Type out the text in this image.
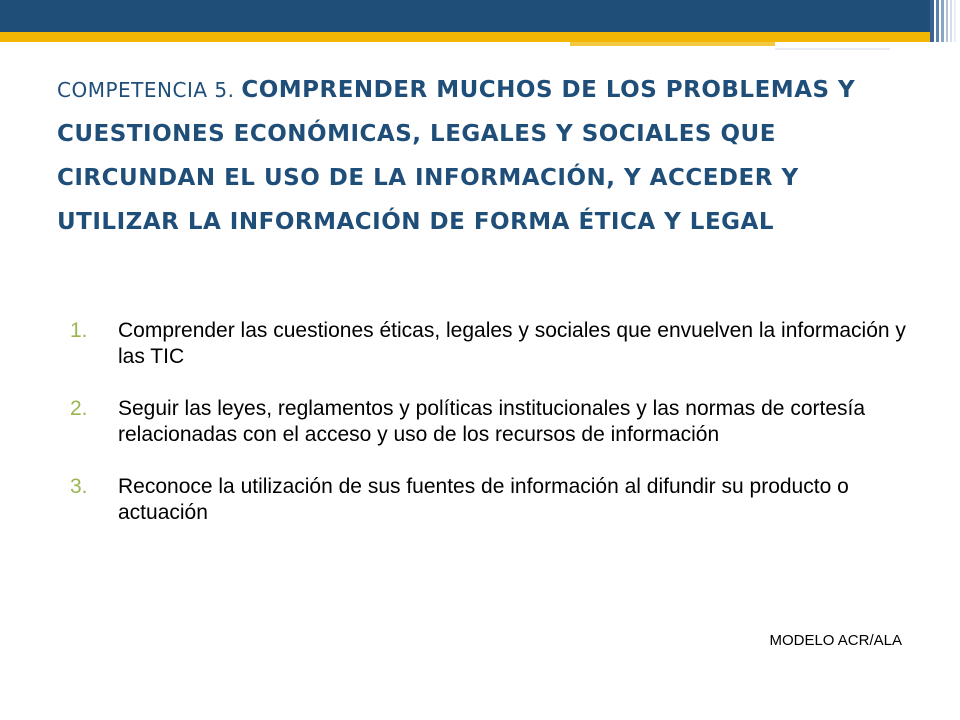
COMPETENCIA 5. COMPRENDER MUCHOS DE LOS PROBLEMAS Y CUESTIONES ECONÓMICAS, LEGALES Y SOCIALES QUE CIRCUNDAN EL USO DE LA INFORMACIÓN, Y ACCEDER Y UTILIZAR LA INFORMACIÓN DE FORMA ÉTICA Y LEGAL
1.	Comprender las cuestiones éticas, legales y sociales que envuelven la información y las TIC
2.	Seguir las leyes, reglamentos y políticas institucionales y las normas de cortesía relacionadas con el acceso y uso de los recursos de información
3.	Reconoce la utilización de sus fuentes de información al difundir su producto o actuación
MODELO ACR/ALA
